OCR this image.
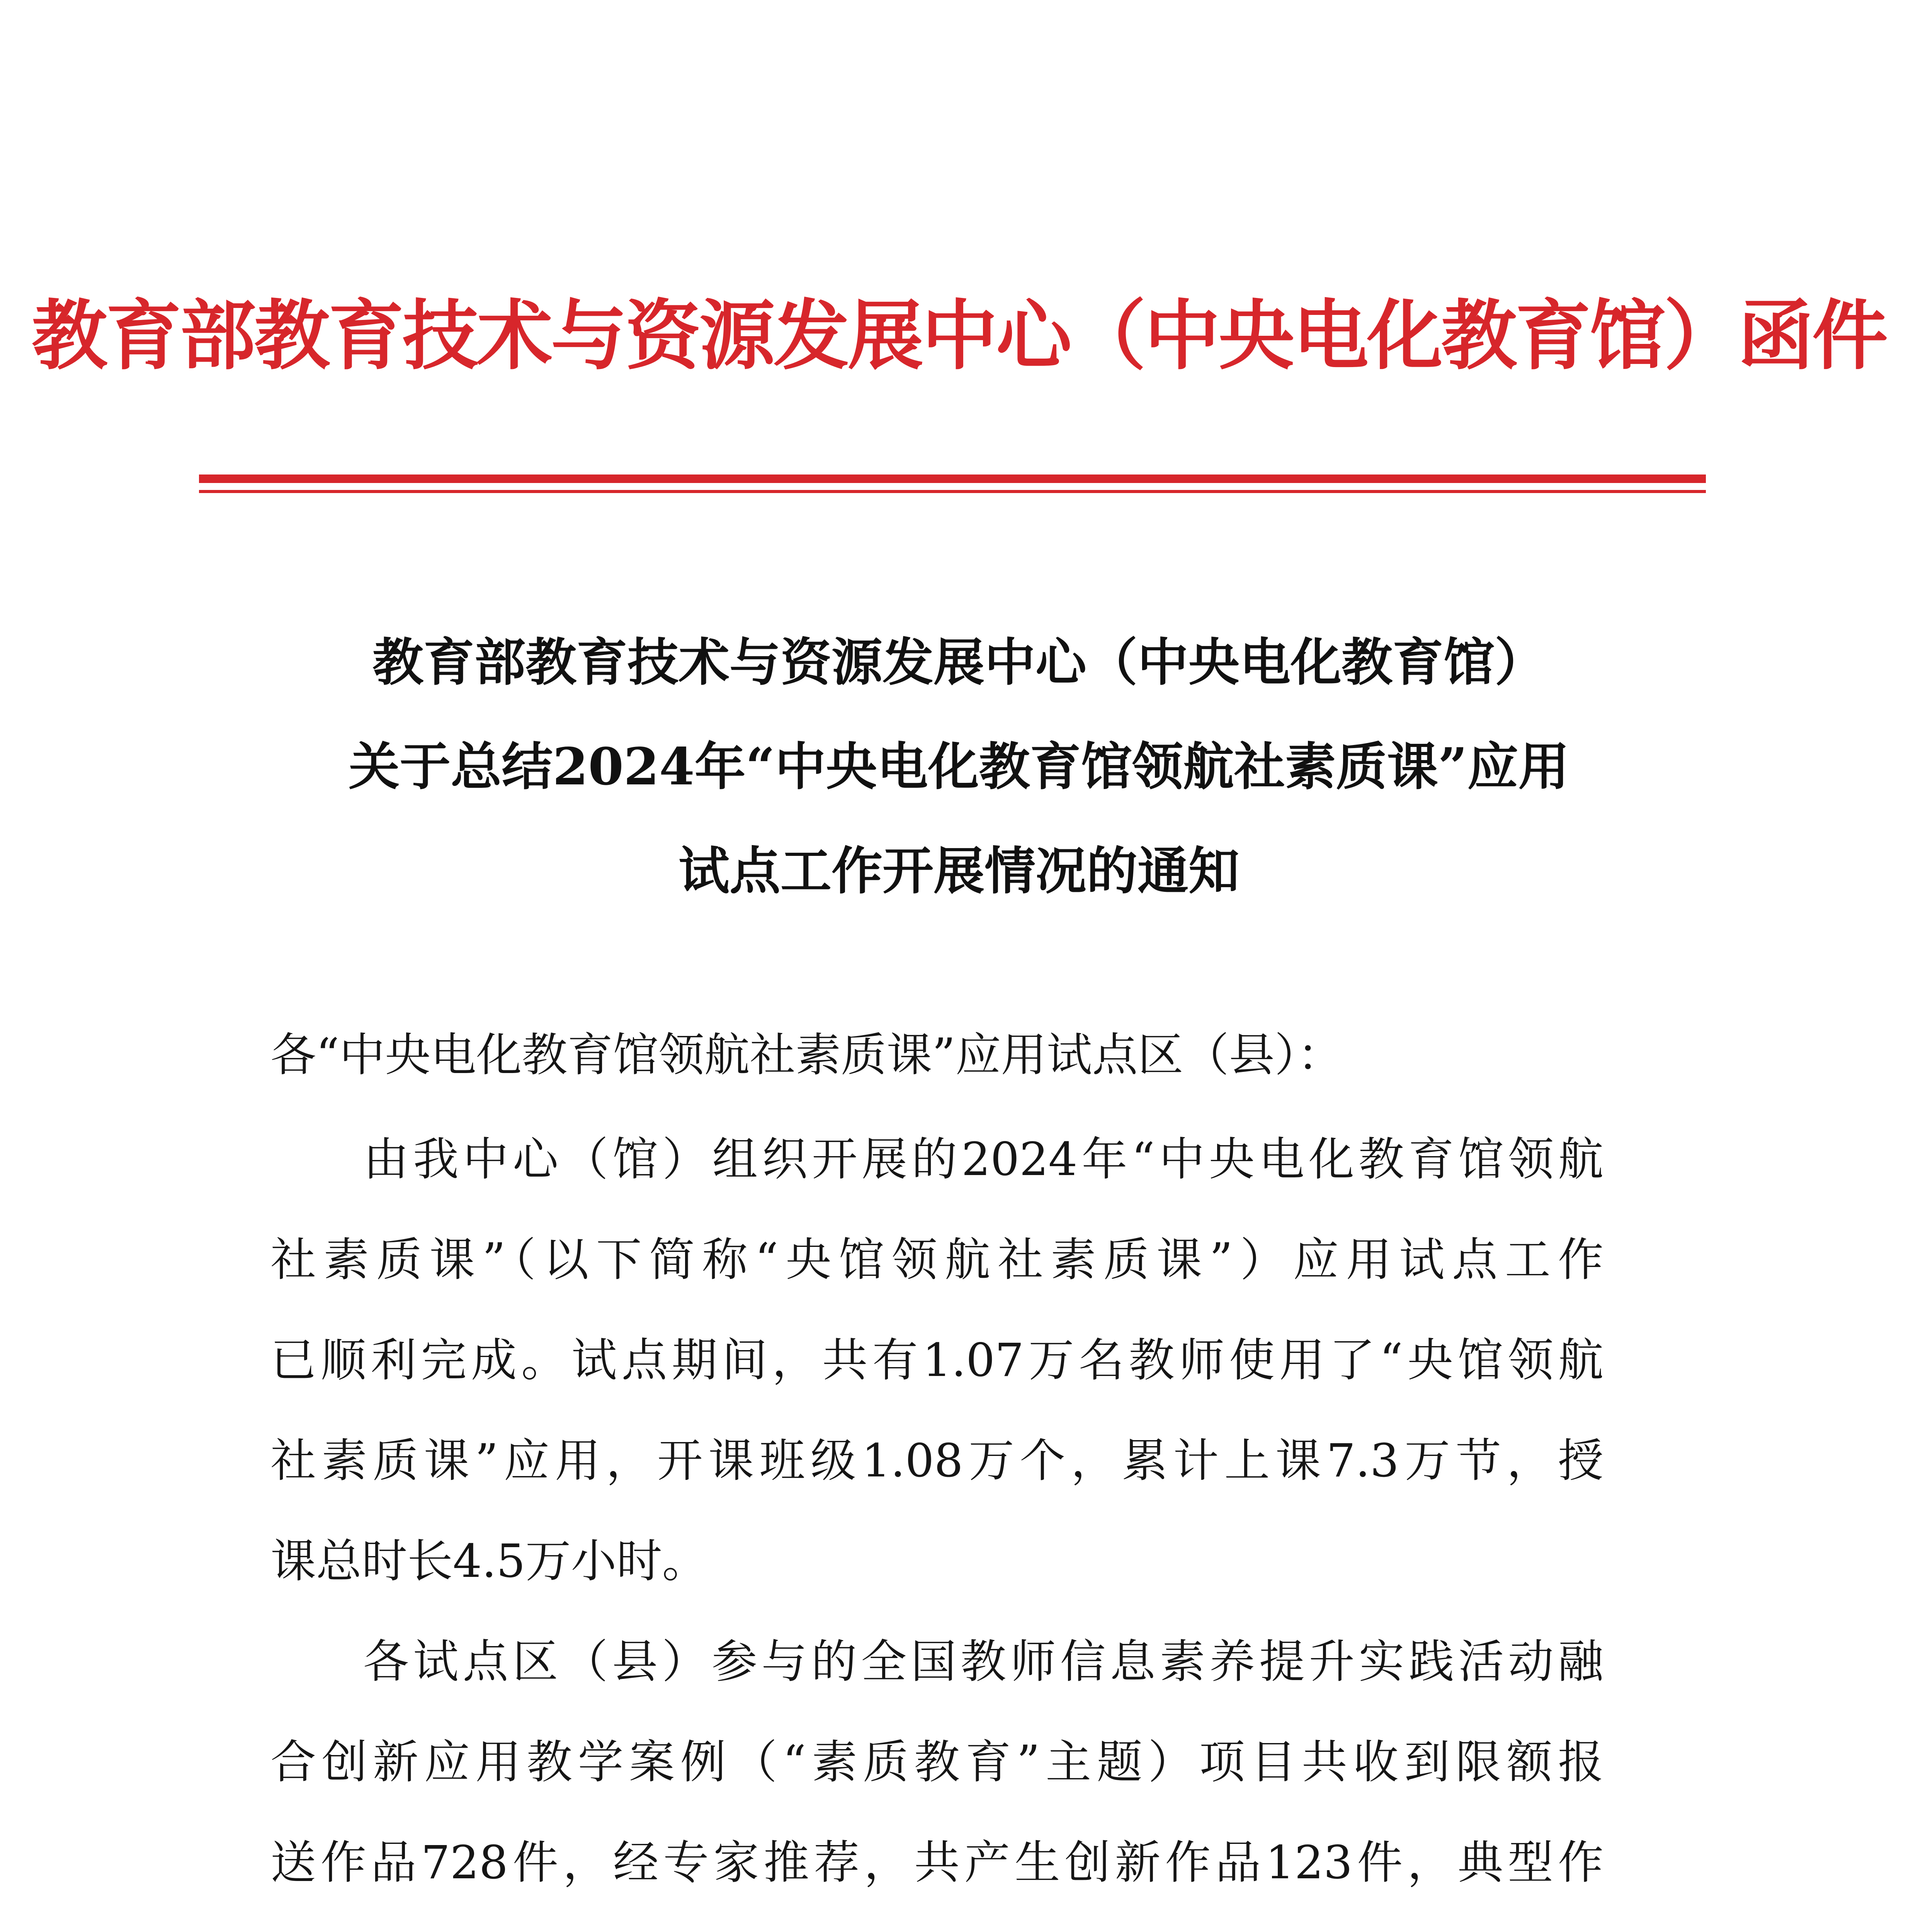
教育部教育技术与资源发展中心（中央电化教育馆）函件
教育部教育技术与资源发展中心（中央电化教育馆）
关于总结2024年“中央电化教育馆领航社素质课”应用
试点工作开展情况的通知
各“中央电化教育馆领航社素质课”应用试点区（县）：
由我中心（馆）组织开展的2024年“中央电化教育馆领航
社素质课”（以下简称“央馆领航社素质课”）应用试点工作
已顺利完成。试点期间，共有1.07万名教师使用了“央馆领航
社素质课”应用，开课班级1.08万个，累计上课7.3万节，授
课总时长4.5万小时。
各试点区（县）参与的全国教师信息素养提升实践活动融
合创新应用教学案例（“素质教育”主题）项目共收到限额报
送作品728件，经专家推荐，共产生创新作品123件，典型作
